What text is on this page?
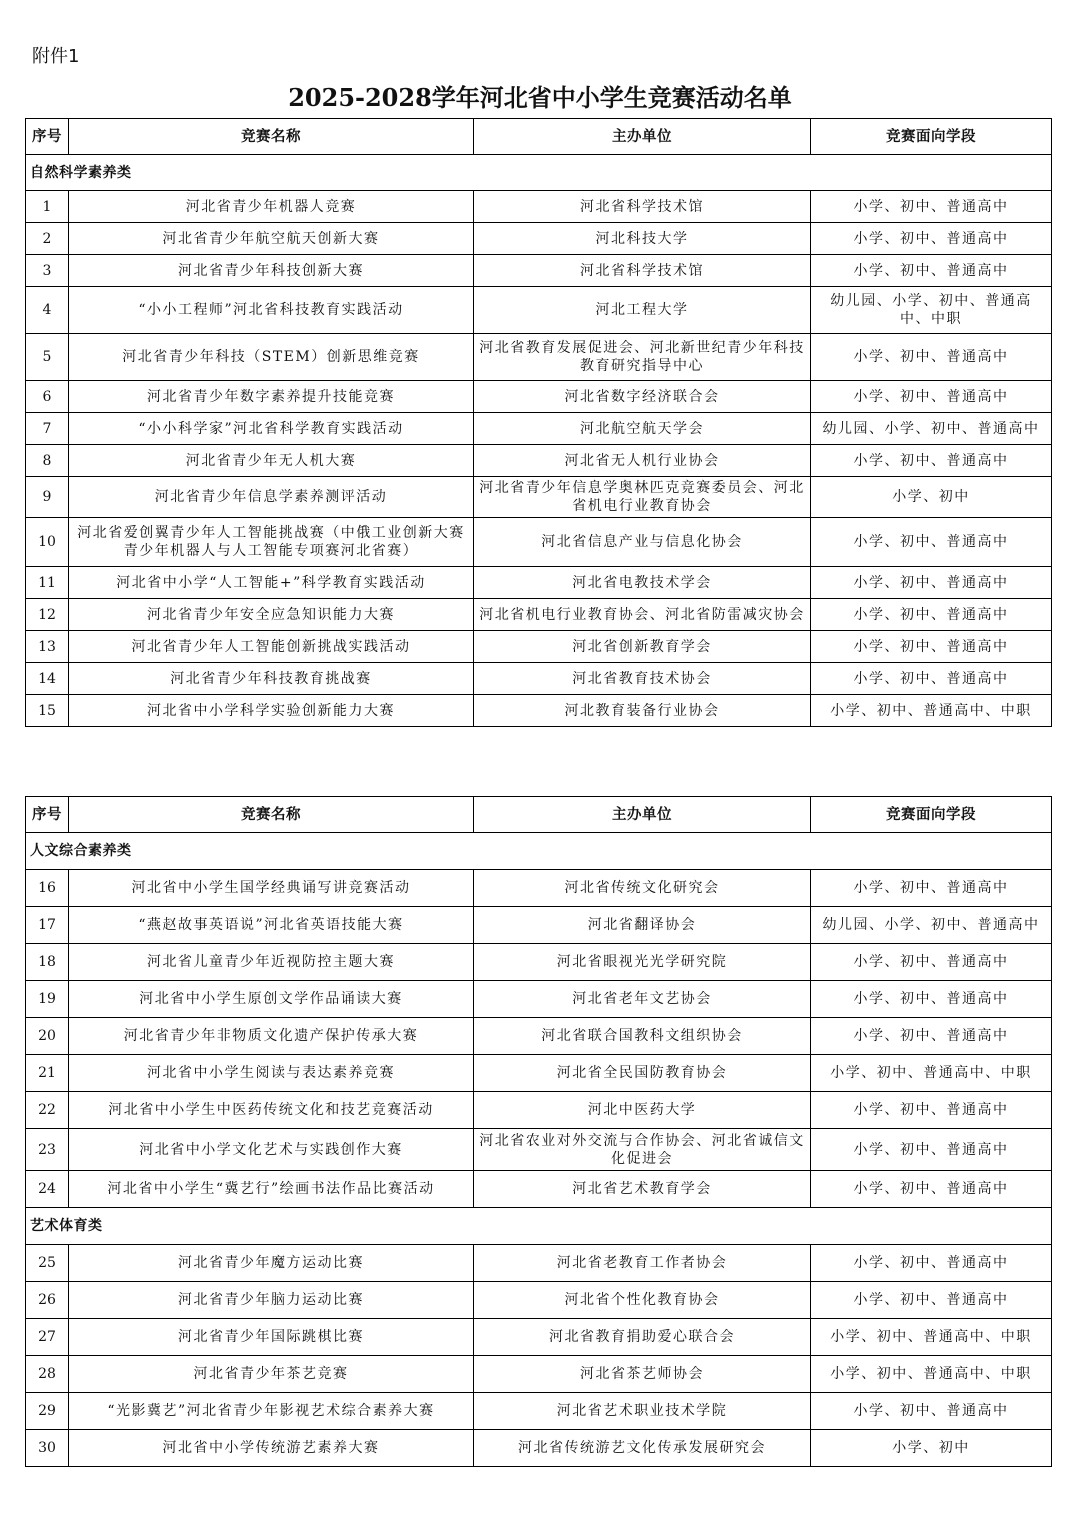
附件1
2025-2028学年河北省中小学生竞赛活动名单
序号	竞赛名称	主办单位	竞赛面向学段
自然科学素养类			
1	河北省青少年机器人竞赛	河北省科学技术馆	小学、初中、普通高中
2	河北省青少年航空航天创新大赛	河北科技大学	小学、初中、普通高中
3	河北省青少年科技创新大赛	河北省科学技术馆	小学、初中、普通高中
4	“小小工程师”河北省科技教育实践活动	河北工程大学	幼儿园、小学、初中、普通高中、中职
5	河北省青少年科技（STEM）创新思维竞赛	河北省教育发展促进会、河北新世纪青少年科技教育研究指导中心	小学、初中、普通高中
6	河北省青少年数字素养提升技能竞赛	河北省数字经济联合会	小学、初中、普通高中
7	“小小科学家”河北省科学教育实践活动	河北航空航天学会	幼儿园、小学、初中、普通高中
8	河北省青少年无人机大赛	河北省无人机行业协会	小学、初中、普通高中
9	河北省青少年信息学素养测评活动	河北省青少年信息学奥林匹克竞赛委员会、河北省机电行业教育协会	小学、初中
10	河北省爱创翼青少年人工智能挑战赛（中俄工业创新大赛青少年机器人与人工智能专项赛河北省赛）	河北省信息产业与信息化协会	小学、初中、普通高中
11	河北省中小学“人工智能+”科学教育实践活动	河北省电教技术学会	小学、初中、普通高中
12	河北省青少年安全应急知识能力大赛	河北省机电行业教育协会、河北省防雷减灾协会	小学、初中、普通高中
13	河北省青少年人工智能创新挑战实践活动	河北省创新教育学会	小学、初中、普通高中
14	河北省青少年科技教育挑战赛	河北省教育技术协会	小学、初中、普通高中
15	河北省中小学科学实验创新能力大赛	河北教育装备行业协会	小学、初中、普通高中、中职
序号	竞赛名称	主办单位	竞赛面向学段
人文综合素养类			
16	河北省中小学生国学经典诵写讲竞赛活动	河北省传统文化研究会	小学、初中、普通高中
17	“燕赵故事英语说”河北省英语技能大赛	河北省翻译协会	幼儿园、小学、初中、普通高中
18	河北省儿童青少年近视防控主题大赛	河北省眼视光光学研究院	小学、初中、普通高中
19	河北省中小学生原创文学作品诵读大赛	河北省老年文艺协会	小学、初中、普通高中
20	河北省青少年非物质文化遗产保护传承大赛	河北省联合国教科文组织协会	小学、初中、普通高中
21	河北省中小学生阅读与表达素养竞赛	河北省全民国防教育协会	小学、初中、普通高中、中职
22	河北省中小学生中医药传统文化和技艺竞赛活动	河北中医药大学	小学、初中、普通高中
23	河北省中小学文化艺术与实践创作大赛	河北省农业对外交流与合作协会、河北省诚信文化促进会	小学、初中、普通高中
24	河北省中小学生“冀艺行”绘画书法作品比赛活动	河北省艺术教育学会	小学、初中、普通高中
艺术体育类			
25	河北省青少年魔方运动比赛	河北省老教育工作者协会	小学、初中、普通高中
26	河北省青少年脑力运动比赛	河北省个性化教育协会	小学、初中、普通高中
27	河北省青少年国际跳棋比赛	河北省教育捐助爱心联合会	小学、初中、普通高中、中职
28	河北省青少年茶艺竞赛	河北省茶艺师协会	小学、初中、普通高中、中职
29	“光影冀艺”河北省青少年影视艺术综合素养大赛	河北省艺术职业技术学院	小学、初中、普通高中
30	河北省中小学传统游艺素养大赛	河北省传统游艺文化传承发展研究会	小学、初中
